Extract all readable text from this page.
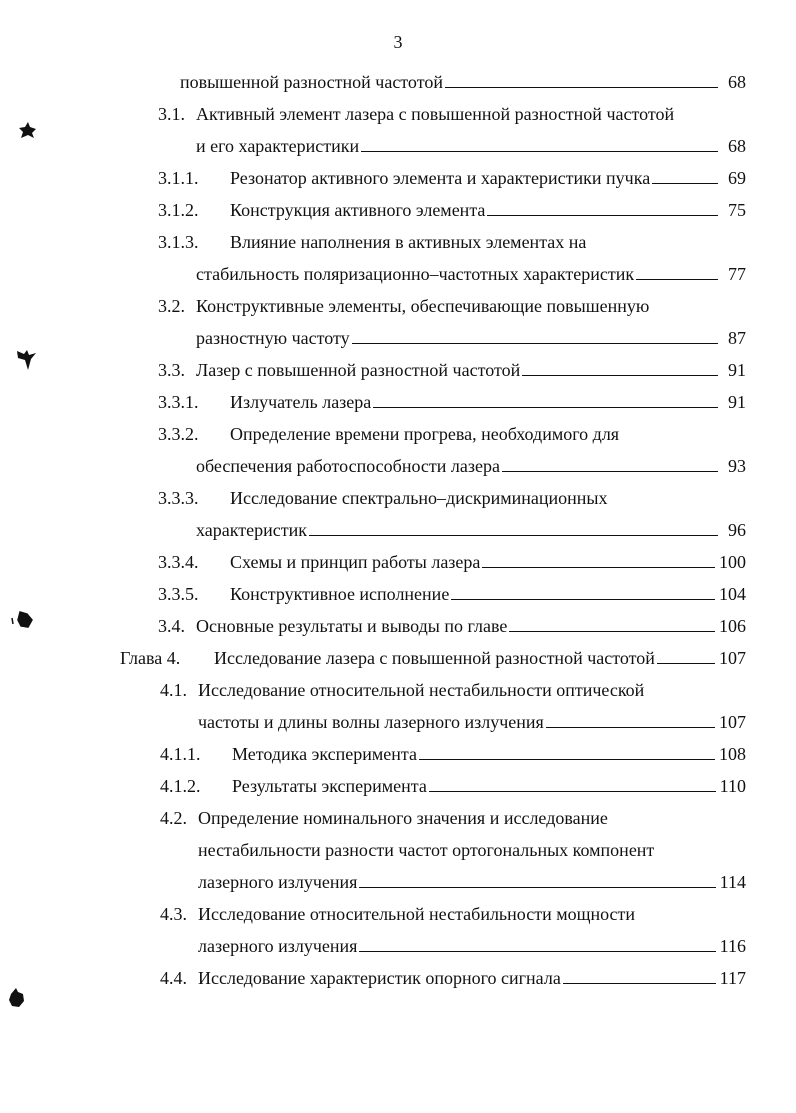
3
повышенной разностной частотой	68
3.1. Активный элемент лазера с повышенной разностной частотой
и его характеристики	68
3.1.1.	Резонатор активного элемента и характеристики пучка	69
3.1.2.	Конструкция активного элемента	75
3.1.3.	Влияние наполнения в активных элементах на
стабильность поляризационно–частотных характеристик	77
3.2. Конструктивные элементы, обеспечивающие повышенную
разностную частоту	87
3.3. Лазер с повышенной разностной частотой	91
3.3.1.	Излучатель лазера	91
3.3.2.	Определение времени прогрева, необходимого для
обеспечения работоспособности лазера	93
3.3.3.	Исследование спектрально–дискриминационных
характеристик	96
3.3.4.	Схемы и принцип работы лазера	100
3.3.5.	Конструктивное исполнение	104
3.4. Основные результаты и выводы по главе	106
Глава 4.	Исследование лазера с повышенной разностной частотой	107
4.1. Исследование относительной нестабильности оптической
частоты и длины волны лазерного излучения	107
4.1.1.	Методика эксперимента	108
4.1.2.	Результаты эксперимента	110
4.2. Определение номинального значения и исследование
нестабильности разности частот ортогональных компонент
лазерного излучения	114
4.3. Исследование относительной нестабильности мощности
лазерного излучения	116
4.4. Исследование характеристик опорного сигнала	117
